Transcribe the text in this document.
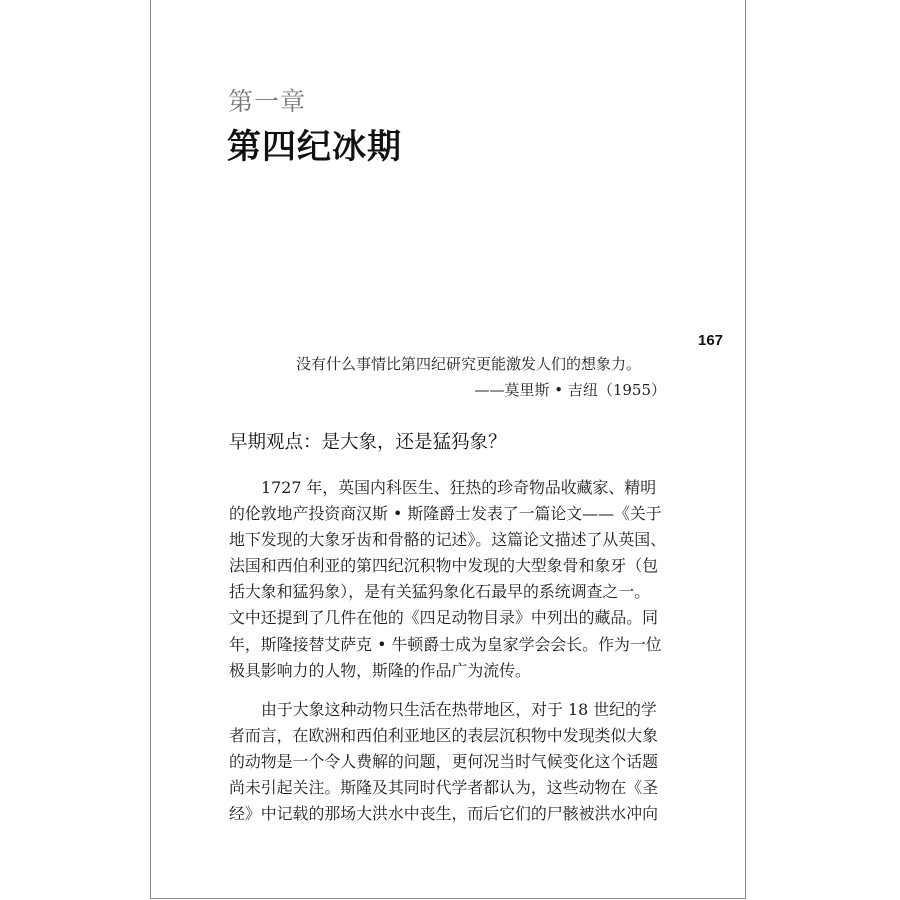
第一章
第四纪冰期
167
没有什么事情比第四纪研究更能激发人们的想象力。
——莫里斯 • 吉纽（1955）
早期观点：是大象，还是猛犸象？
1727 年，英国内科医生、狂热的珍奇物品收藏家、精明
的伦敦地产投资商汉斯 • 斯隆爵士发表了一篇论文——《关于
地下发现的大象牙齿和骨骼的记述》。这篇论文描述了从英国、
法国和西伯利亚的第四纪沉积物中发现的大型象骨和象牙（包
括大象和猛犸象），是有关猛犸象化石最早的系统调查之一。
文中还提到了几件在他的《四足动物目录》中列出的藏品。同
年，斯隆接替艾萨克 • 牛顿爵士成为皇家学会会长。作为一位
极具影响力的人物，斯隆的作品广为流传。
由于大象这种动物只生活在热带地区，对于 18 世纪的学
者而言，在欧洲和西伯利亚地区的表层沉积物中发现类似大象
的动物是一个令人费解的问题，更何况当时气候变化这个话题
尚未引起关注。斯隆及其同时代学者都认为，这些动物在《圣
经》中记载的那场大洪水中丧生，而后它们的尸骸被洪水冲向
